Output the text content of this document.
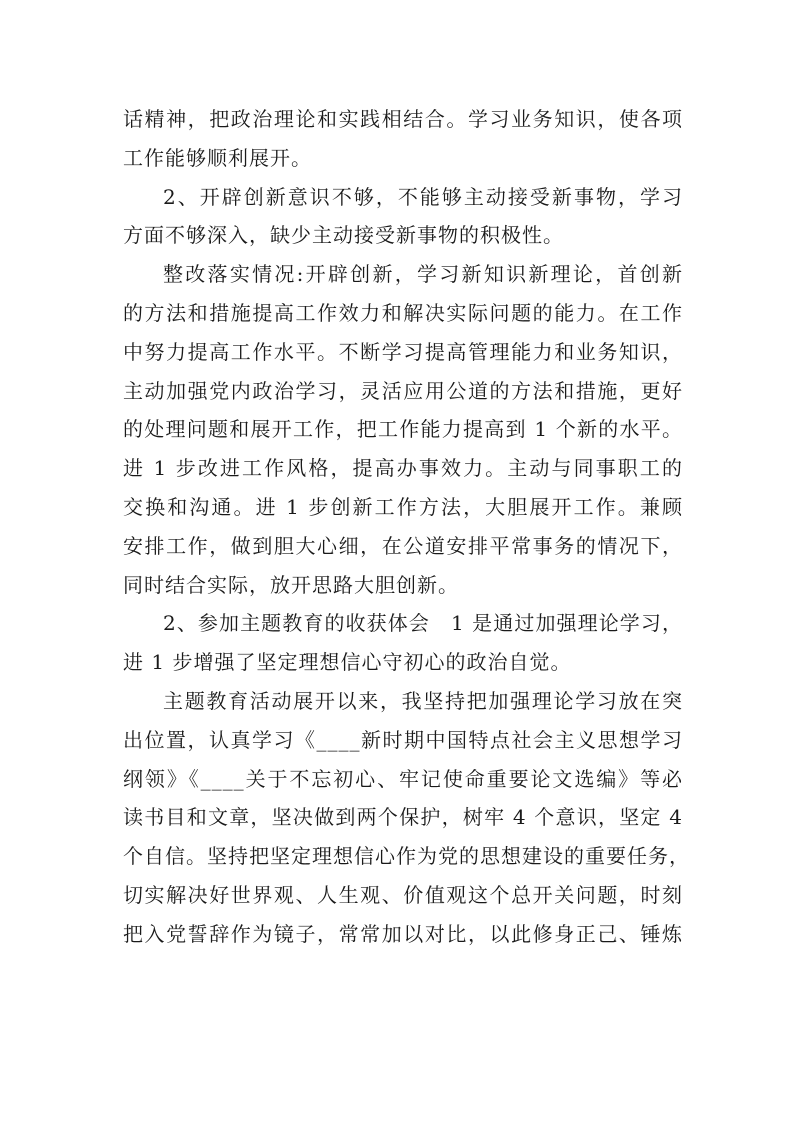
话精神，把政治理论和实践相结合。学习业务知识，使各项
工作能够顺利展开。
2、开辟创新意识不够，不能够主动接受新事物，学习
方面不够深入，缺少主动接受新事物的积极性。
整改落实情况:开辟创新，学习新知识新理论，首创新
的方法和措施提高工作效力和解决实际问题的能力。在工作
中努力提高工作水平。不断学习提高管理能力和业务知识，
主动加强党内政治学习，灵活应用公道的方法和措施，更好
的处理问题和展开工作，把工作能力提高到 1 个新的水平。
进 1 步改进工作风格，提高办事效力。主动与同事职工的
交换和沟通。进 1 步创新工作方法，大胆展开工作。兼顾
安排工作，做到胆大心细，在公道安排平常事务的情况下，
同时结合实际，放开思路大胆创新。
2、参加主题教育的收获体会　1 是通过加强理论学习，
进 1 步增强了坚定理想信心守初心的政治自觉。
主题教育活动展开以来，我坚持把加强理论学习放在突
出位置，认真学习《____新时期中国特点社会主义思想学习
纲领》《____关于不忘初心、牢记使命重要论文选编》等必
读书目和文章，坚决做到两个保护，树牢 4 个意识，坚定 4
个自信。坚持把坚定理想信心作为党的思想建设的重要任务，
切实解决好世界观、人生观、价值观这个总开关问题，时刻
把入党誓辞作为镜子，常常加以对比，以此修身正己、锤炼
